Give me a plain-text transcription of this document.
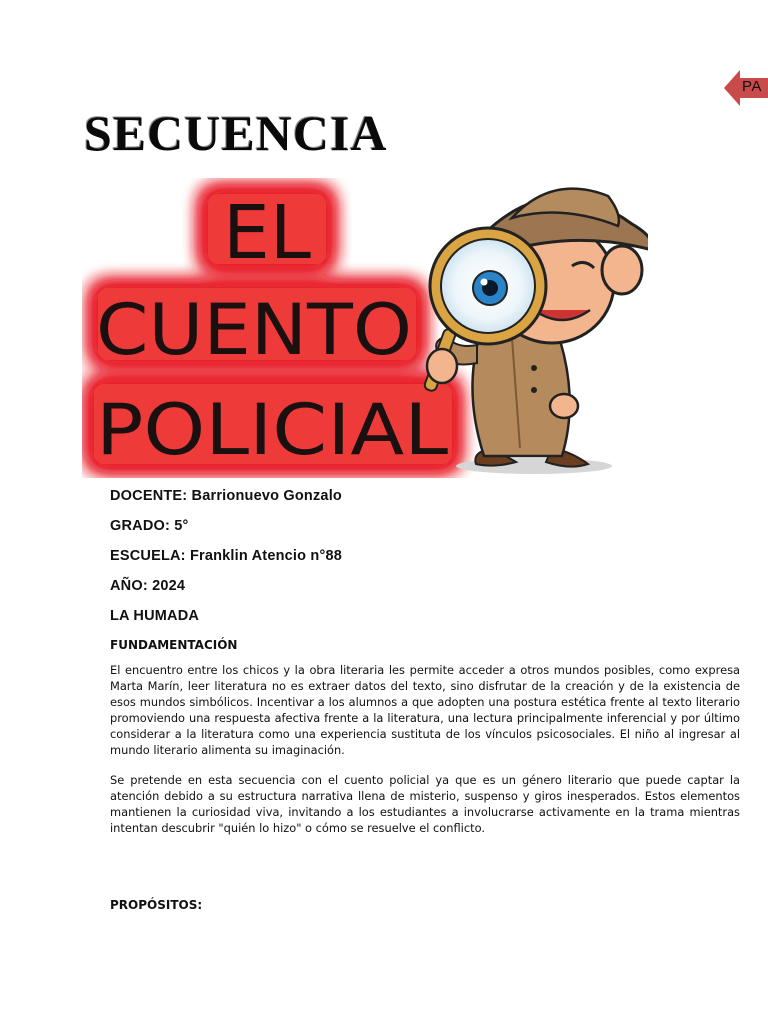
PA
SECUENCIA
EL
CUENTO
POLICIAL
DOCENTE: Barrionuevo Gonzalo
GRADO: 5°
ESCUELA: Franklin Atencio n°88
AÑO: 2024
LA HUMADA
FUNDAMENTACIÓN

El encuentro entre los chicos y la obra literaria les permite acceder a otros mundos posibles, como expresa Marta Marín, leer literatura no es extraer datos del texto, sino disfrutar de la creación y de la existencia de esos mundos simbólicos. Incentivar a los alumnos a que adopten una postura estética frente al texto literario promoviendo una respuesta afectiva frente a la literatura, una lectura principalmente inferencial y por último considerar a la literatura como una experiencia sustituta de los vínculos psicosociales. El niño al ingresar al mundo literario alimenta su imaginación.

Se pretende en esta secuencia con el cuento policial ya que es un género literario que puede captar la atención debido a su estructura narrativa llena de misterio, suspenso y giros inesperados. Estos elementos mantienen la curiosidad viva, invitando a los estudiantes a involucrarse activamente en la trama mientras intentan descubrir "quién lo hizo" o cómo se resuelve el conflicto.

PROPÓSITOS:
